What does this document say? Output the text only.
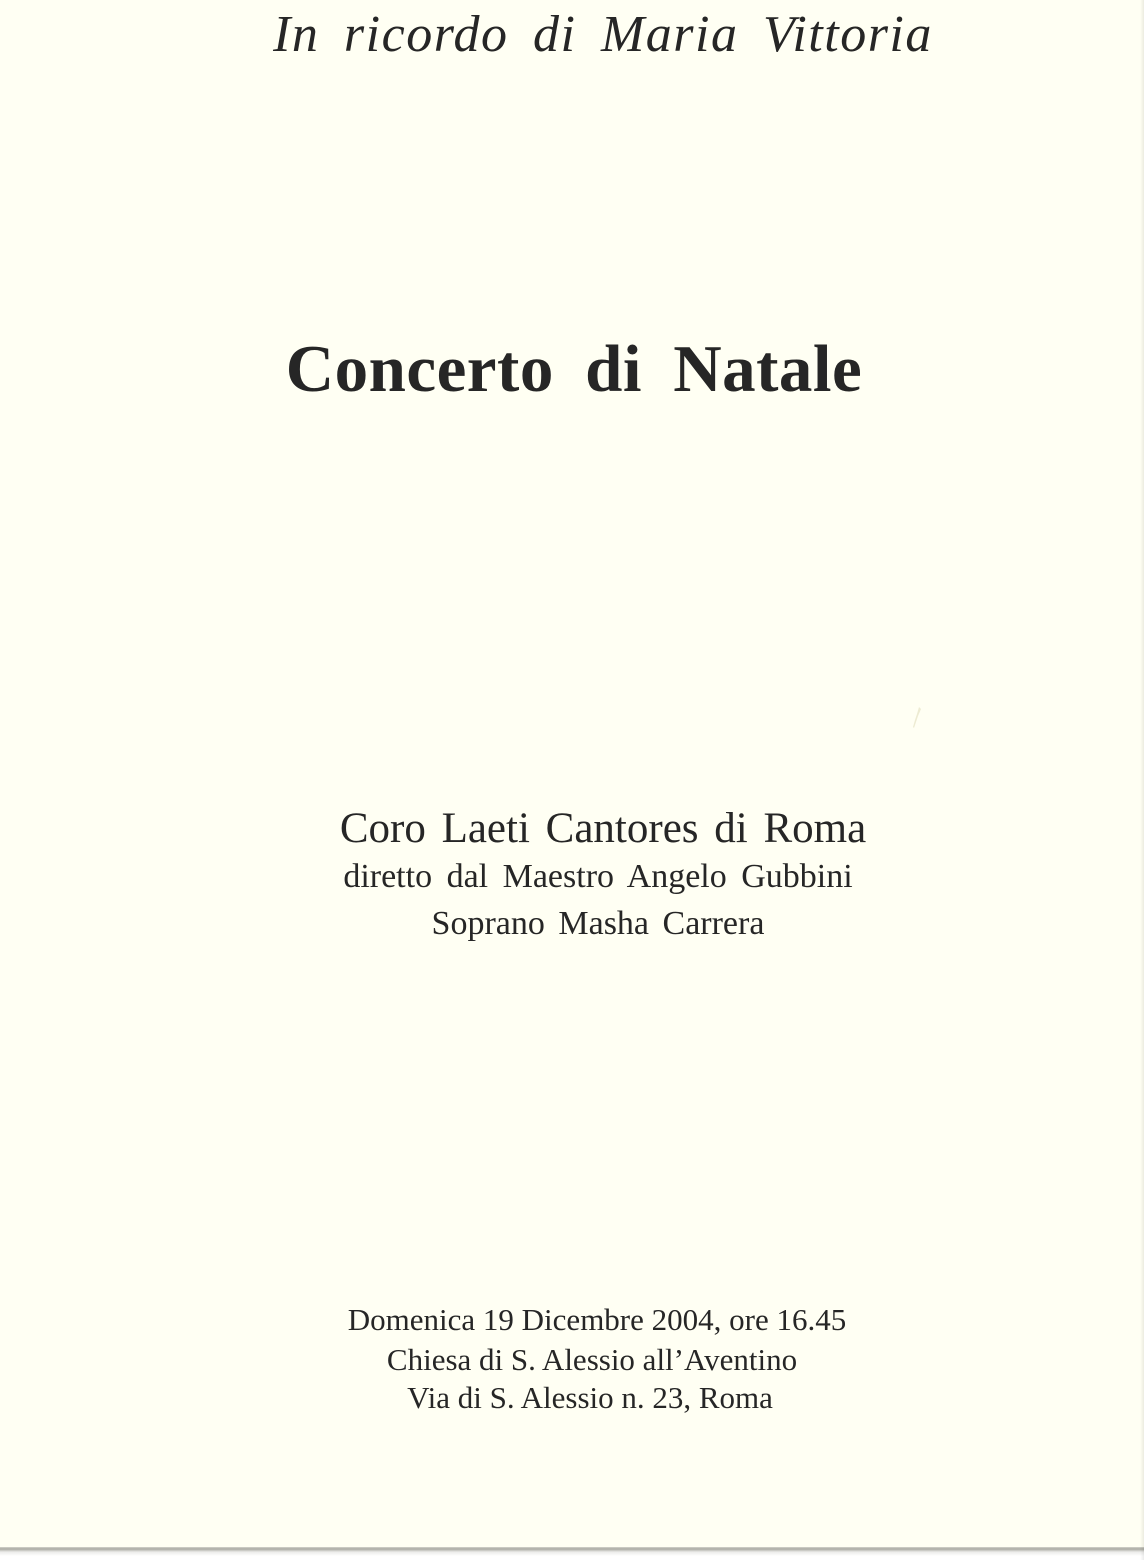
In ricordo di Maria Vittoria

Concerto di Natale

Coro Laeti Cantores di Roma

diretto dal Maestro Angelo Gubbini

Soprano Masha Carrera

Domenica 19 Dicembre 2004, ore 16.45

Chiesa di S. Alessio all’Aventino

Via di S. Alessio n. 23, Roma
